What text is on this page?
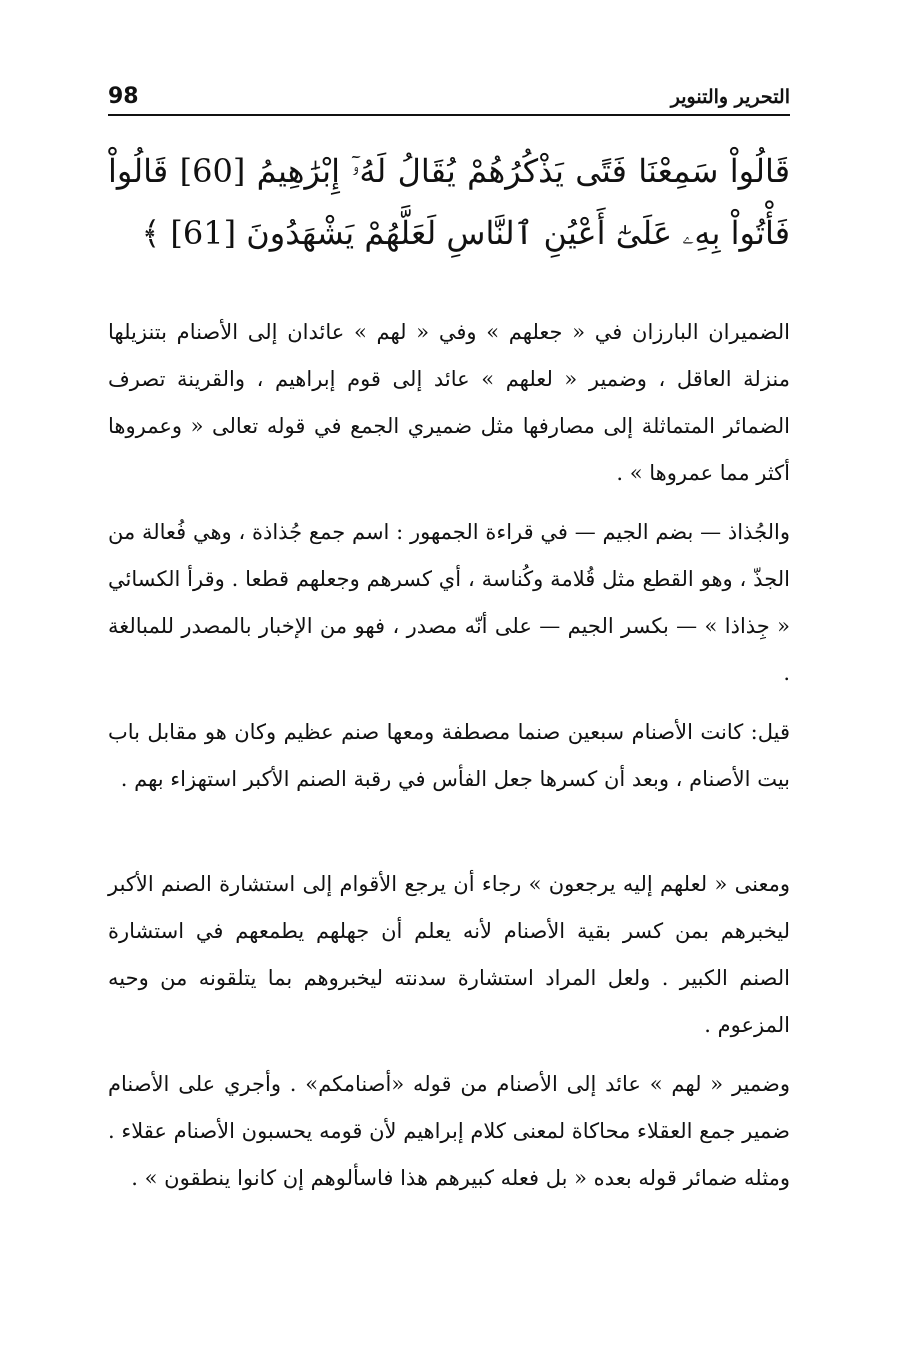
98	التحرير والتنوير
قَالُواْ سَمِعْنَا فَتًى يَذْكُرُهُمْ يُقَالُ لَهُۥٓ إِبْرَٰهِيمُ [60] قَالُواْ فَأْتُواْ بِهِۦ عَلَىٰٓ أَعْيُنِ ٱلنَّاسِ لَعَلَّهُمْ يَشْهَدُونَ [61] ﴾

الضميران البارزان في « جعلهم » وفي « لهم » عائدان إلى الأصنام بتنزيلها منزلة العاقل ، وضمير « لعلهم » عائد إلى قوم إبراهيم ، والقرينة تصرف الضمائر المتماثلة إلى مصارفها مثل ضميري الجمع في قوله تعالى « وعمروها أكثر مما عمروها » .

والجُذاذ — بضم الجيم — في قراءة الجمهور : اسم جمع جُذاذة ، وهي فُعالة من الجذّ ، وهو القطع مثل قُلامة وكُناسة ، أي كسرهم وجعلهم قطعا . وقرأ الكسائي « جِذاذا » — بكسر الجيم — على أنّه مصدر ، فهو من الإخبار بالمصدر للمبالغة .

قيل: كانت الأصنام سبعين صنما مصطفة ومعها صنم عظيم وكان هو مقابل باب بيت الأصنام ، وبعد أن كسرها جعل الفأس في رقبة الصنم الأكبر استهزاء بهم .

ومعنى « لعلهم إليه يرجعون » رجاء أن يرجع الأقوام إلى استشارة الصنم الأكبر ليخبرهم بمن كسر بقية الأصنام لأنه يعلم أن جهلهم يطمعهم في استشارة الصنم الكبير . ولعل المراد استشارة سدنته ليخبروهم بما يتلقونه من وحيه المزعوم .

وضمير « لهم » عائد إلى الأصنام من قوله «أصنامكم» . وأجري على الأصنام ضمير جمع العقلاء محاكاة لمعنى كلام إبراهيم لأن قومه يحسبون الأصنام عقلاء . ومثله ضمائر قوله بعده « بل فعله كبيرهم هذا فاسألوهم إن كانوا ينطقون » .
